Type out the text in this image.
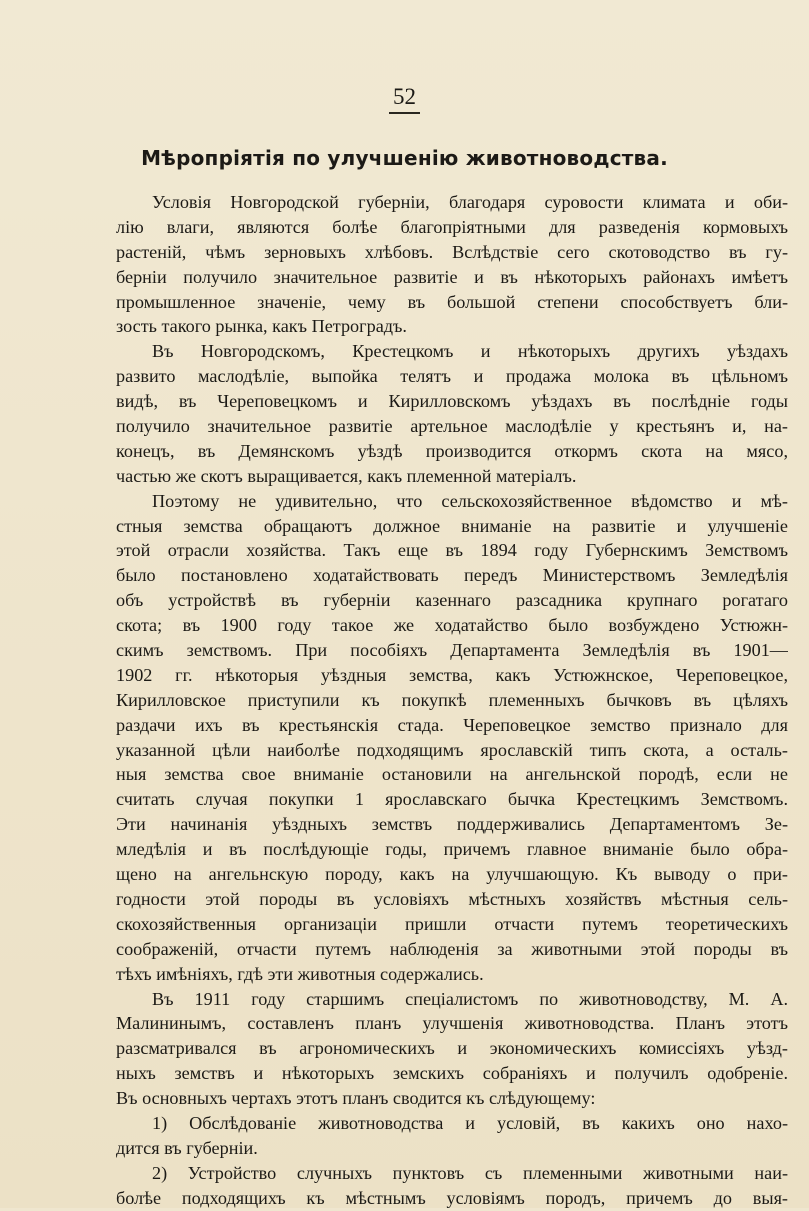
52
Мѣропріятія по улучшенію животноводства.
Условія Новгородской губерніи, благодаря суровости климата и оби-
лію влаги, являются болѣе благопріятными для разведенія кормовыхъ
растеній, чѣмъ зерновыхъ хлѣбовъ. Вслѣдствіе сего скотоводство въ гу-
берніи получило значительное развитіе и въ нѣкоторыхъ районахъ имѣетъ
промышленное значеніе, чему въ большой степени способствуетъ бли-
зость такого рынка, какъ Петроградъ.
Въ Новгородскомъ, Крестецкомъ и нѣкоторыхъ другихъ уѣздахъ
развито маслодѣліе, выпойка телятъ и продажа молока въ цѣльномъ
видѣ, въ Череповецкомъ и Кирилловскомъ уѣздахъ въ послѣдніе годы
получило значительное развитіе артельное маслодѣліе у крестьянъ и, на-
конецъ, въ Демянскомъ уѣздѣ производится откормъ скота на мясо,
частью же скотъ выращивается, какъ племенной матеріалъ.
Поэтому не удивительно, что сельскохозяйственное вѣдомство и мѣ-
стныя земства обращаютъ должное вниманіе на развитіе и улучшеніе
этой отрасли хозяйства. Такъ еще въ 1894 году Губернскимъ Земствомъ
было постановлено ходатайствовать передъ Министерствомъ Земледѣлія
объ устройствѣ въ губерніи казеннаго разсадника крупнаго рогатаго
скота; въ 1900 году такое же ходатайство было возбуждено Устюжн-
скимъ земствомъ. При пособіяхъ Департамента Земледѣлія въ 1901—
1902 гг. нѣкоторыя уѣздныя земства, какъ Устюжнское, Череповецкое,
Кирилловское приступили къ покупкѣ племенныхъ бычковъ въ цѣляхъ
раздачи ихъ въ крестьянскія стада. Череповецкое земство признало для
указанной цѣли наиболѣе подходящимъ ярославскій типъ скота, а осталь-
ныя земства свое вниманіе остановили на ангельнской породѣ, если не
считать случая покупки 1 ярославскаго бычка Крестецкимъ Земствомъ.
Эти начинанія уѣздныхъ земствъ поддерживались Департаментомъ Зе-
мледѣлія и въ послѣдующіе годы, причемъ главное вниманіе было обра-
щено на ангельнскую породу, какъ на улучшающую. Къ выводу о при-
годности этой породы въ условіяхъ мѣстныхъ хозяйствъ мѣстныя сель-
скохозяйственныя организаціи пришли отчасти путемъ теоретическихъ
соображеній, отчасти путемъ наблюденія за животными этой породы въ
тѣхъ имѣніяхъ, гдѣ эти животныя содержались.
Въ 1911 году старшимъ спеціалистомъ по животноводству, М. А.
Малининымъ, составленъ планъ улучшенія животноводства. Планъ этотъ
разсматривался въ агрономическихъ и экономическихъ комиссіяхъ уѣзд-
ныхъ земствъ и нѣкоторыхъ земскихъ собраніяхъ и получилъ одобреніе.
Въ основныхъ чертахъ этотъ планъ сводится къ слѣдующему:
1) Обслѣдованіе животноводства и условій, въ какихъ оно нахо-
дится въ губерніи.
2) Устройство случныхъ пунктовъ съ племенными животными наи-
болѣе подходящихъ къ мѣстнымъ условіямъ породъ, причемъ до выя-
